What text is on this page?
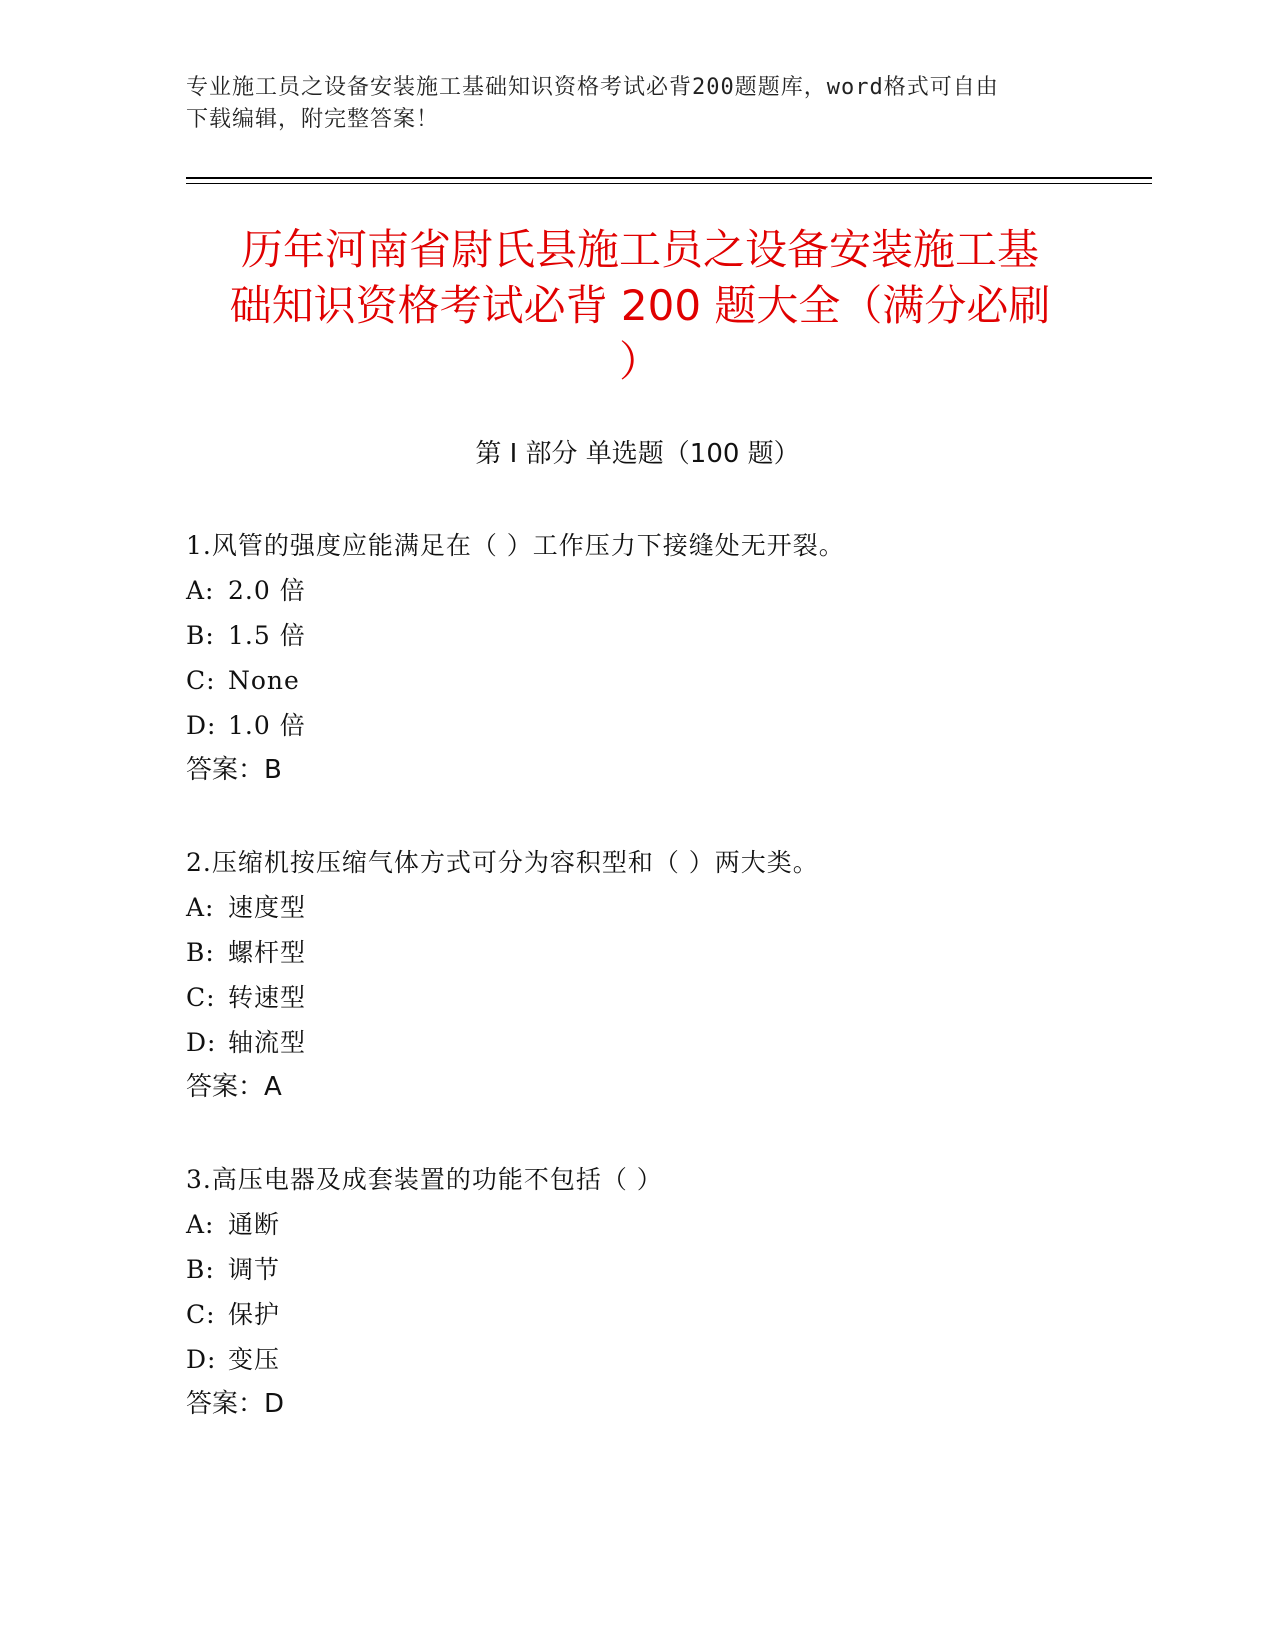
专业施工员之设备安装施工基础知识资格考试必背200题题库，word格式可自由
下载编辑，附完整答案！
历年河南省尉氏县施工员之设备安装施工基
础知识资格考试必背 200 题大全（满分必刷
）
第 I 部分 单选题（100 题）

1.风管的强度应能满足在（ ）工作压力下接缝处无开裂。

A: 2.0 倍

B: 1.5 倍

C: None

D: 1.0 倍

答案：B

2.压缩机按压缩气体方式可分为容积型和（ ）两大类。

A: 速度型

B: 螺杆型

C: 转速型

D: 轴流型

答案：A

3.高压电器及成套装置的功能不包括（ ）

A: 通断

B: 调节

C: 保护

D: 变压

答案：D
